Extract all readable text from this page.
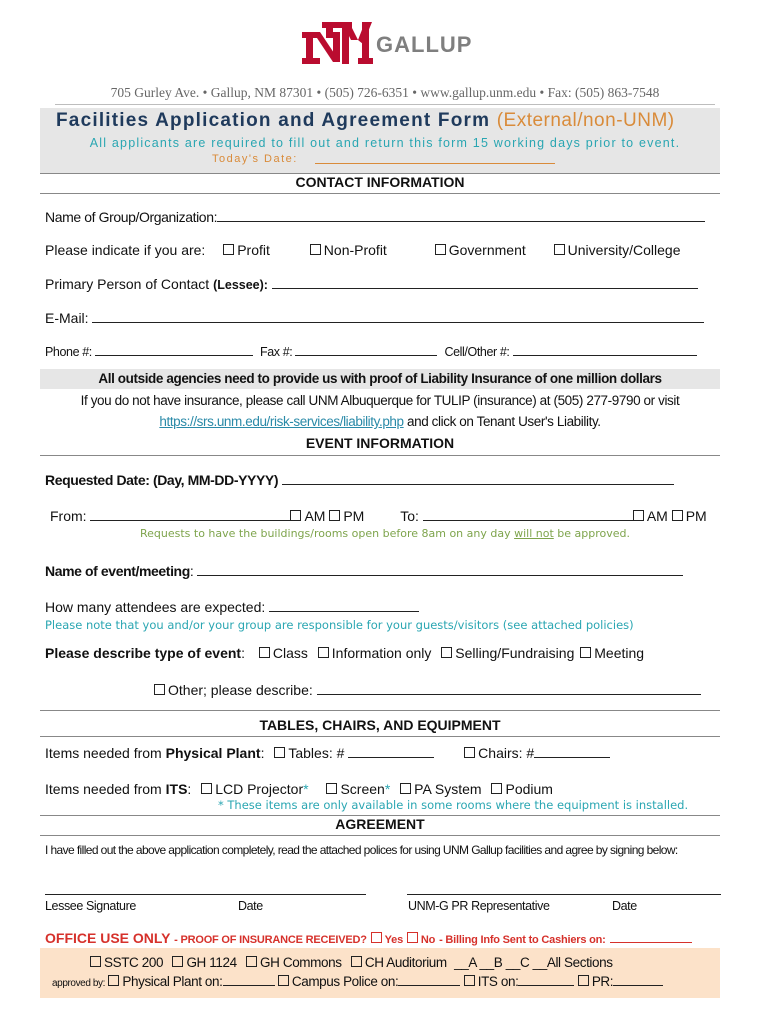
GALLUP
705 Gurley Ave. • Gallup, NM 87301 • (505) 726-6351 • www.gallup.unm.edu • Fax: (505) 863-7548
Facilities Application and Agreement Form (External/non-UNM)
All applicants are required to fill out and return this form 15 working days prior to event.
Today's Date:
CONTACT INFORMATION
Name of Group/Organization:
Please indicate if you are: Profit	Non-Profit	Government	University/College
Primary Person of Contact (Lessee):
E-Mail:
Phone #:	Fax #:	Cell/Other #:
All outside agencies need to provide us with proof of Liability Insurance of one million dollars
If you do not have insurance, please call UNM Albuquerque for TULIP (insurance) at (505) 277-9790 or visit
https://srs.unm.edu/risk-services/liability.php and click on Tenant User's Liability.
EVENT INFORMATION
Requested Date: (Day, MM-DD-YYYY)
From:	AM PM	To:	AM PM
Requests to have the buildings/rooms open before 8am on any day will not be approved.
Name of event/meeting:
How many attendees are expected:
Please note that you and/or your group are responsible for your guests/visitors (see attached policies)
Please describe type of event: Class Information only Selling/Fundraising Meeting
Other; please describe:
TABLES, CHAIRS, AND EQUIPMENT
Items needed from Physical Plant: Tables: #	Chairs: #
Items needed from ITS: LCD Projector* Screen* PA System Podium
* These items are only available in some rooms where the equipment is installed.
AGREEMENT
I have filled out the above application completely, read the attached polices for using UNM Gallup facilities and agree by signing below:
Lessee Signature	Date	UNM-G PR Representative	Date
OFFICE USE ONLY - PROOF OF INSURANCE RECEIVED? Yes No - Billing Info Sent to Cashiers on:
SSTC 200 GH 1124 GH Commons CH Auditorium __A __B __C __All Sections
approved by: Physical Plant on:	Campus Police on:	ITS on:	PR:
